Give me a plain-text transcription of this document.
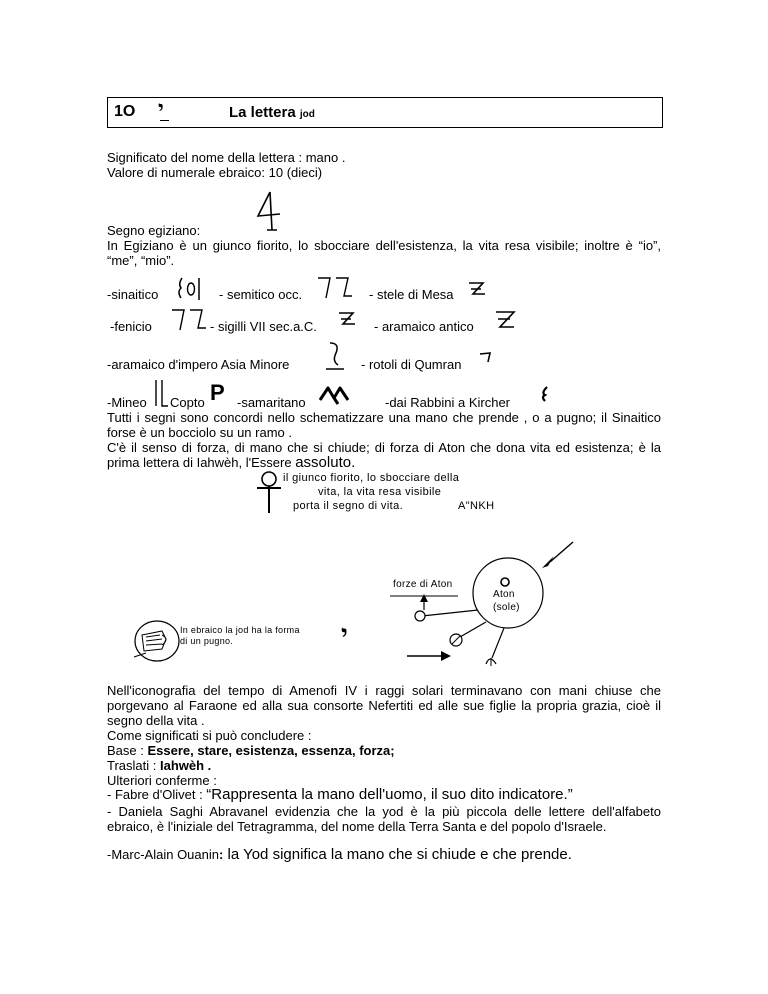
1O י	La lettera jod
Significato del nome della lettera : mano .
Valore di numerale ebraico: 10 (dieci)
Segno egiziano:
In Egiziano è un giunco fiorito, lo sbocciare dell'esistenza, la vita resa visibile; inoltre è “io”, “me”, “mio”.
-sinaitico	- semitico occ.	- stele di Mesa
-fenicio	- sigilli VII sec.a.C.	- aramaico antico
-aramaico d'impero Asia Minore	- rotoli di Qumran
-Mineo Copto P -samaritano	-dai Rabbini a Kircher
Tutti i segni sono concordi nello schematizzare una mano che prende , o a pugno; il Sinaitico forse è un bocciolo su un ramo .
C'è il senso di forza, di mano che si chiude; di forza di Aton che dona vita ed esistenza; è la prima lettera di Iahwèh, l'Essere assoluto.
il giunco fiorito, lo sbocciare della
vita, la vita resa visibile
porta il segno di vita.	A"NKH
forze di Aton
Aton
(sole)
In ebraico la jod ha la forma
di un pugno.	י
Nell'iconografia del tempo di Amenofi IV i raggi solari terminavano con mani chiuse che porgevano al Faraone ed alla sua consorte Nefertiti ed alle sue figlie la propria grazia, cioè il segno della vita .
Come significati si può concludere :
Base : Essere, stare, esistenza, essenza, forza;
Traslati : Iahwèh .
Ulteriori conferme :
- Fabre d'Olivet : “Rappresenta la mano dell'uomo, il suo dito indicatore.”
- Daniela Saghi Abravanel evidenzia che la yod è la più piccola delle lettere dell'alfabeto ebraico, è l'iniziale del Tetragramma, del nome della Terra Santa e del popolo d'Israele.
-Marc-Alain Ouanin: la Yod significa la mano che si chiude e che prende.
